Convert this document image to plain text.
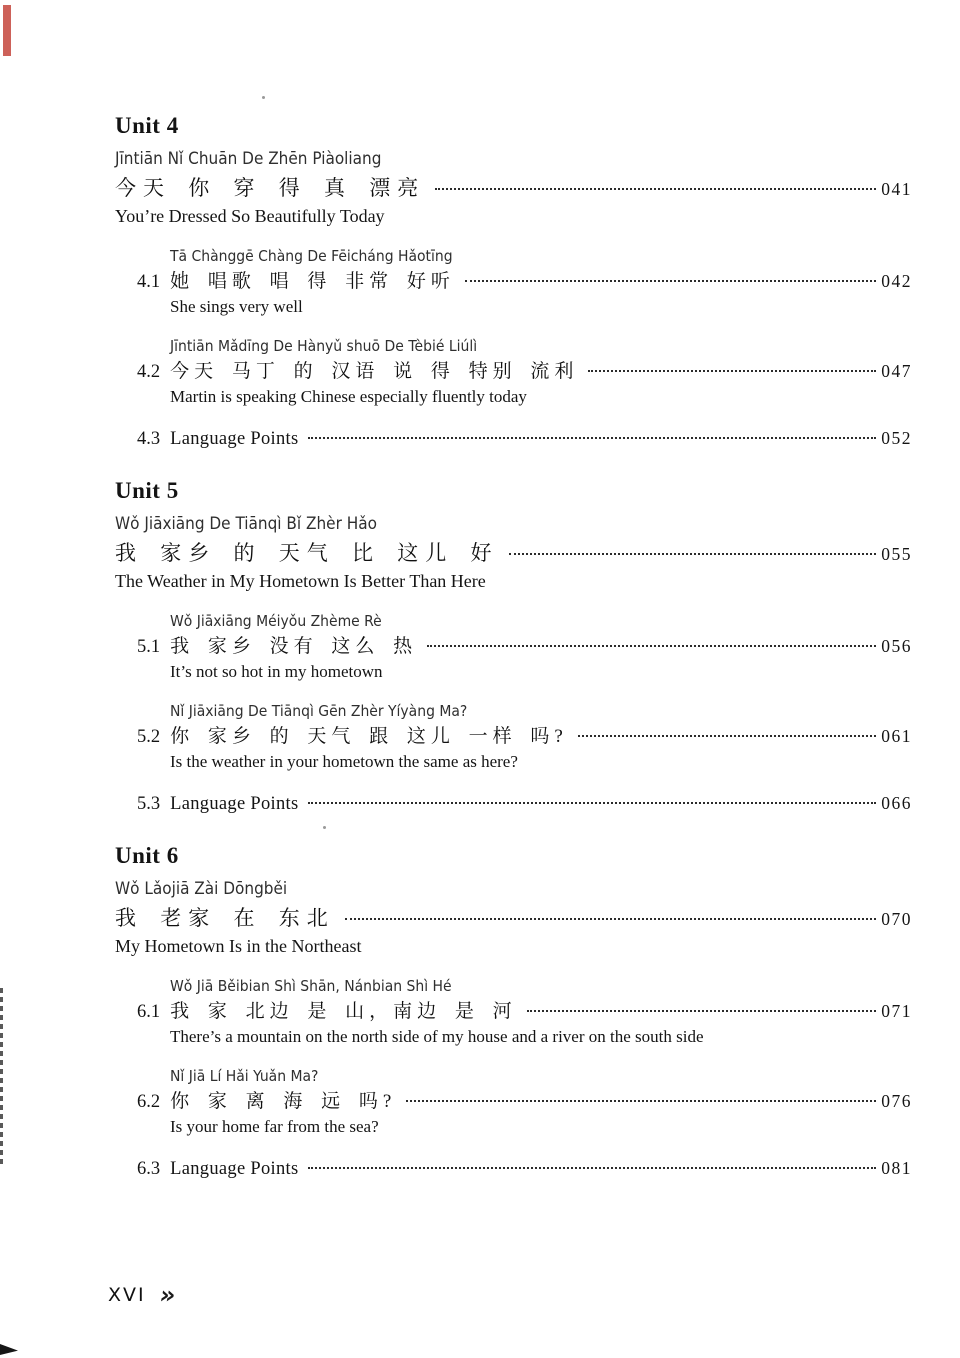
Unit 4
Jīntiān Nǐ Chuān De Zhēn Piàoliang
今天 你 穿 得 真 漂亮	041
You’re Dressed So Beautifully Today
Tā Chànggē Chàng De Fēicháng Hǎotīng
4.1 她 唱歌 唱 得 非常 好听	042
She sings very well
Jīntiān Mǎdīng De Hànyǔ shuō De Tèbié Liúlì
4.2 今天 马丁 的 汉语 说 得 特别 流利	047
Martin is speaking Chinese especially fluently today
4.3 Language Points	052
Unit 5
Wǒ Jiāxiāng De Tiānqì Bǐ Zhèr Hǎo
我 家乡 的 天气 比 这儿 好	055
The Weather in My Hometown Is Better Than Here
Wǒ Jiāxiāng Méiyǒu Zhème Rè
5.1 我 家乡 没有 这么 热	056
It’s not so hot in my hometown
Nǐ Jiāxiāng De Tiānqì Gēn Zhèr Yíyàng Ma?
5.2 你 家乡 的 天气 跟 这儿 一样 吗?	061
Is the weather in your hometown the same as here?
5.3 Language Points	066
Unit 6
Wǒ Lǎojiā Zài Dōngběi
我 老家 在 东北	070
My Hometown Is in the Northeast
Wǒ Jiā Běibian Shì Shān, Nánbian Shì Hé
6.1 我 家 北边 是 山，南边 是 河	071
There’s a mountain on the north side of my house and a river on the south side
Nǐ Jiā Lí Hǎi Yuǎn Ma?
6.2 你 家 离 海 远 吗?	076
Is your home far from the sea?
6.3 Language Points	081
XVI »
